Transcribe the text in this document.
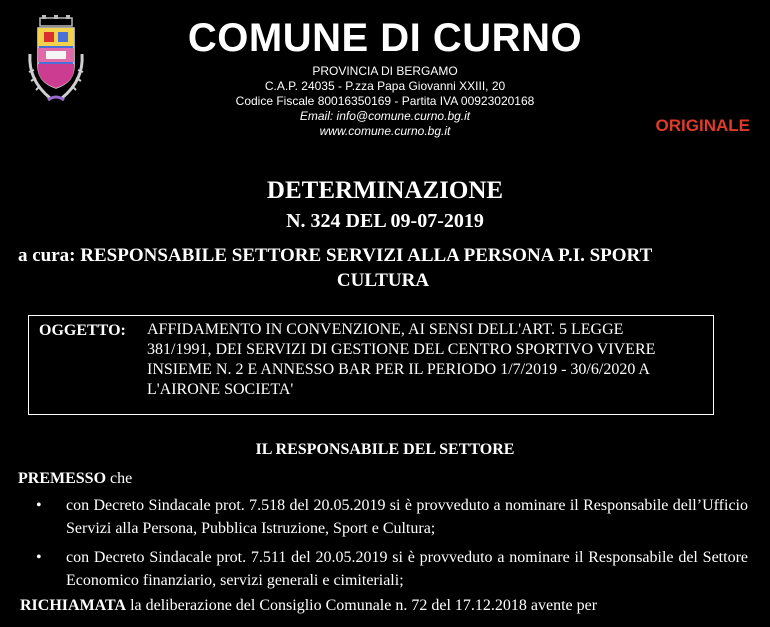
COMUNE DI CURNO
PROVINCIA DI BERGAMO
C.A.P. 24035 - P.zza Papa Giovanni XXIII, 20
Codice Fiscale 80016350169 - Partita IVA 00923020168
Email: info@comune.curno.bg.it
www.comune.curno.bg.it	ORIGINALE
DETERMINAZIONE
N. 324 DEL 09-07-2019
a cura: RESPONSABILE SETTORE SERVIZI ALLA PERSONA P.I. SPORT
CULTURA
OGGETTO: AFFIDAMENTO IN CONVENZIONE, AI SENSI DELL'ART. 5 LEGGE 381/1991, DEI SERVIZI DI GESTIONE DEL CENTRO SPORTIVO VIVERE INSIEME N. 2 E ANNESSO BAR PER IL PERIODO 1/7/2019 - 30/6/2020 A L'AIRONE SOCIETA'
IL RESPONSABILE DEL SETTORE
PREMESSO che
• con Decreto Sindacale prot. 7.518 del 20.05.2019 si è provveduto a nominare il Responsabile dell’Ufficio Servizi alla Persona, Pubblica Istruzione, Sport e Cultura;
• con Decreto Sindacale prot. 7.511 del 20.05.2019 si è provveduto a nominare il Responsabile del Settore Economico finanziario, servizi generali e cimiteriali;
RICHIAMATA la deliberazione del Consiglio Comunale n. 72 del 17.12.2018 avente per
